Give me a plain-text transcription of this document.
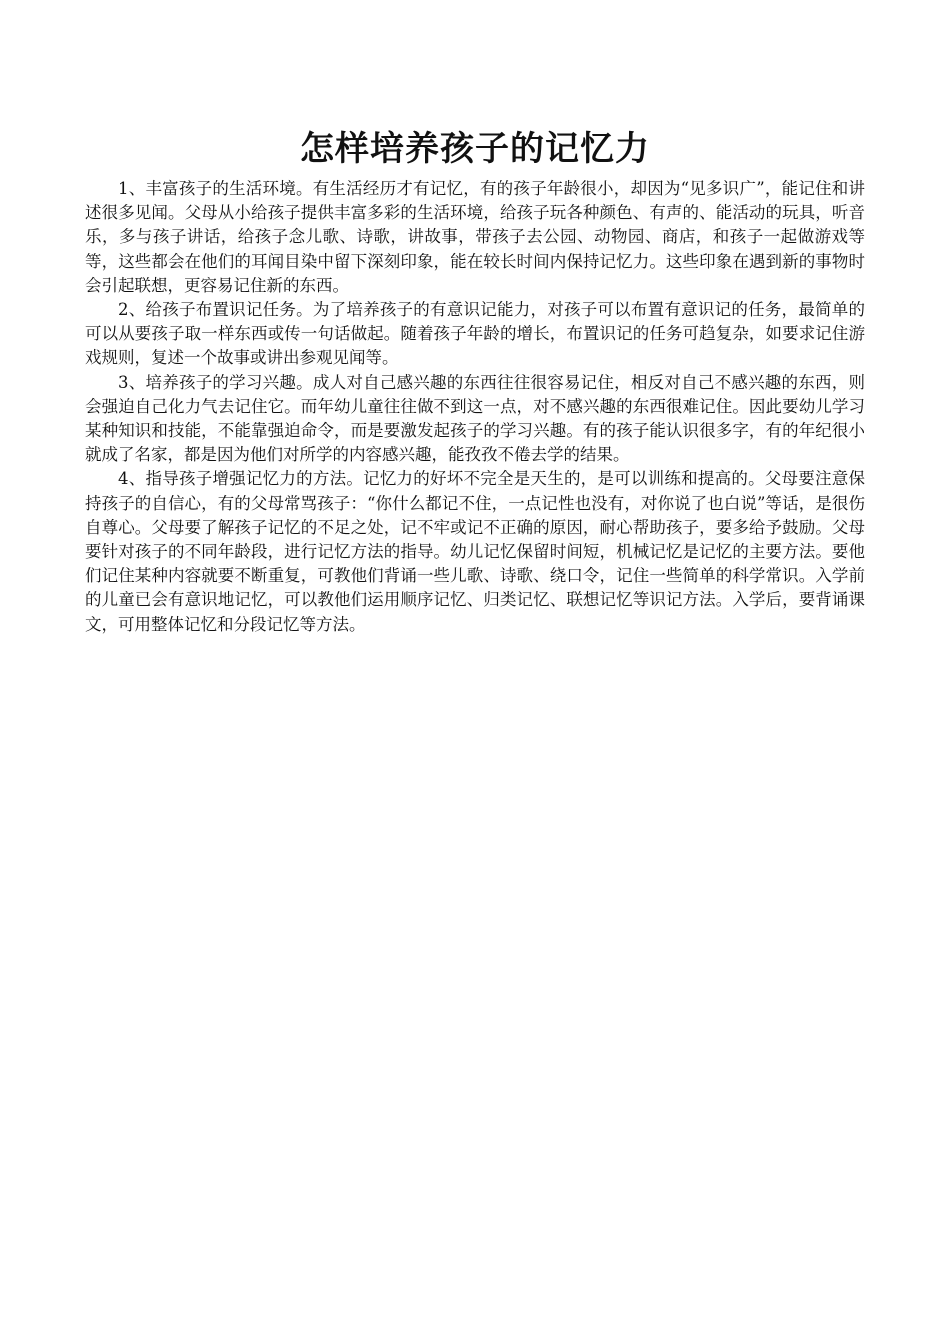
怎样培养孩子的记忆力

1、丰富孩子的生活环境。有生活经历才有记忆，有的孩子年龄很小，却因为“见多识广”，能记住和讲述很多见闻。父母从小给孩子提供丰富多彩的生活环境，给孩子玩各种颜色、有声的、能活动的玩具，听音乐，多与孩子讲话，给孩子念儿歌、诗歌，讲故事，带孩子去公园、动物园、商店，和孩子一起做游戏等等，这些都会在他们的耳闻目染中留下深刻印象，能在较长时间内保持记忆力。这些印象在遇到新的事物时会引起联想，更容易记住新的东西。

2、给孩子布置识记任务。为了培养孩子的有意识记能力，对孩子可以布置有意识记的任务，最简单的可以从要孩子取一样东西或传一句话做起。随着孩子年龄的增长，布置识记的任务可趋复杂，如要求记住游戏规则，复述一个故事或讲出参观见闻等。

3、培养孩子的学习兴趣。成人对自己感兴趣的东西往往很容易记住，相反对自己不感兴趣的东西，则会强迫自己化力气去记住它。而年幼儿童往往做不到这一点，对不感兴趣的东西很难记住。因此要幼儿学习某种知识和技能，不能靠强迫命令，而是要激发起孩子的学习兴趣。有的孩子能认识很多字，有的年纪很小就成了名家，都是因为他们对所学的内容感兴趣，能孜孜不倦去学的结果。

4、指导孩子增强记忆力的方法。记忆力的好坏不完全是天生的，是可以训练和提高的。父母要注意保持孩子的自信心，有的父母常骂孩子：“你什么都记不住，一点记性也没有，对你说了也白说”等话，是很伤自尊心。父母要了解孩子记忆的不足之处，记不牢或记不正确的原因，耐心帮助孩子，要多给予鼓励。父母要针对孩子的不同年龄段，进行记忆方法的指导。幼儿记忆保留时间短，机械记忆是记忆的主要方法。要他们记住某种内容就要不断重复，可教他们背诵一些儿歌、诗歌、绕口令，记住一些简单的科学常识。入学前的儿童已会有意识地记忆，可以教他们运用顺序记忆、归类记忆、联想记忆等识记方法。入学后，要背诵课文，可用整体记忆和分段记忆等方法。
